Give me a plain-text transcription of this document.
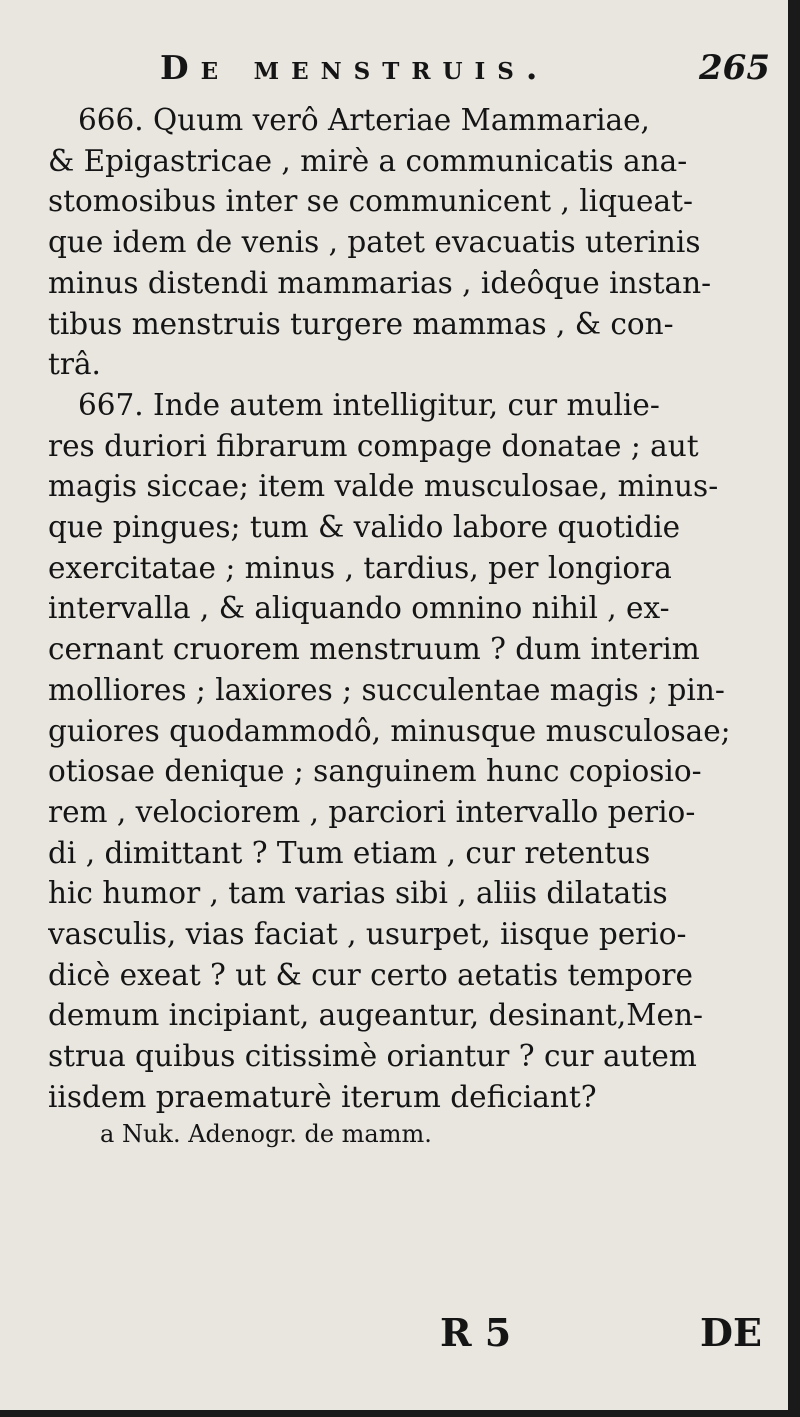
De menstruis.	265
666. Quum verô Arteriae Mammariae,
& Epigastricae , mirè a communicatis ana-
stomosibus inter se communicent , liqueat-
que idem de venis , patet evacuatis uterinis
minus distendi mammarias , ideôque instan-
tibus menstruis turgere mammas , & con-
trâ.
667. Inde autem intelligitur, cur mulie-
res duriori fibrarum compage donatae ; aut
magis siccae; item valde musculosae, minus-
que pingues; tum & valido labore quotidie
exercitatae ; minus , tardius, per longiora
intervalla , & aliquando omnino nihil , ex-
cernant cruorem menstruum ? dum interim
molliores ; laxiores ; succulentae magis ; pin-
guiores quodammodô, minusque musculosae;
otiosae denique ; sanguinem hunc copiosio-
rem , velociorem , parciori intervallo perio-
di , dimittant ? Tum etiam , cur retentus
hic humor , tam varias sibi , aliis dilatatis
vasculis, vias faciat , usurpet, iisque perio-
dicè exeat ? ut & cur certo aetatis tempore
demum incipiant, augeantur, desinant,Men-
strua quibus citissimè oriantur ? cur autem
iisdem praematurè iterum deficiant?
a Nuk. Adenogr. de mamm.
R 5	DE
